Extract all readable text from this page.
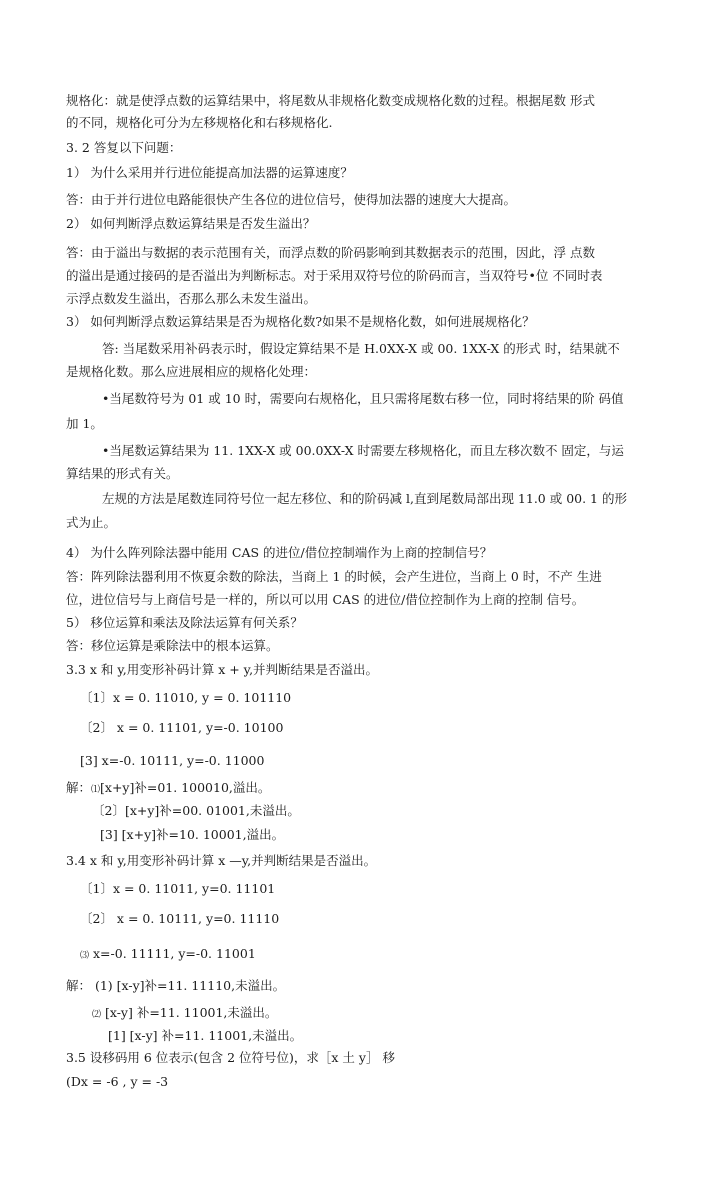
规格化：就是使浮点数的运算结果中，将尾数从非规格化数变成规格化数的过程。根据尾数 形式
的不同，规格化可分为左移规格化和右移规格化.
3. 2 答复以下问题：
1） 为什么采用并行进位能提高加法器的运算速度？
答：由于并行进位电路能很快产生各位的进位信号，使得加法器的速度大大提高。
2） 如何判断浮点数运算结果是否发生溢出？
答：由于溢出与数据的表示范围有关，而浮点数的阶码影响到其数据表示的范围，因此，浮 点数
的溢出是通过接码的是否溢出为判断标志。对于采用双符号位的阶码而言，当双符号•位 不同时表
示浮点数发生溢出，否那么那么未发生溢出。
3） 如何判断浮点数运算结果是否为规格化数?如果不是规格化数，如何进展规格化？
答: 当尾数采用补码表示时，假设定算结果不是 H.0XX-X 或 00. 1XX-X 的形式 时，结果就不
是规格化数。那么应进展相应的规格化处理：
•当尾数符号为 01 或 10 时，需要向右规格化，且只需将尾数右移一位，同时将结果的阶 码值
加 1。
•当尾数运算结果为 11. 1XX-X 或 00.0XX-X 时需要左移规格化，而且左移次数不 固定，与运
算结果的形式有关。
左规的方法是尾数连同符号位一起左移位、和的阶码减 l,直到尾数局部出现 11.0 或 00. 1 的形
式为止。
4） 为什么阵列除法器中能用 CAS 的进位/借位控制端作为上商的控制信号？
答：阵列除法器利用不恢夏余数的除法，当商上 1 的时候，会产生进位，当商上 0 时，不产 生进
位，进位信号与上商信号是一样的，所以可以用 CAS 的进位/借位控制作为上商的控制 信号。
5） 移位运算和乘法及除法运算有何关系？
答：移位运算是乘除法中的根本运算。
3.3 x 和 y,用变形补码计算 x + y,并判断结果是否溢出。
〔1〕x = 0. 11010, y = 0. 101110
〔2〕 x = 0. 11101, y=-0. 10100
[3] x=-0. 10111, y=-0. 11000
解：⑴[x+y]补=01. 100010,溢出。
〔2〕[x+y]补=00. 01001,未溢出。
[3] [x+y]补=10. 10001,溢出。
3.4 x 和 y,用变形补码计算 x —y,并判断结果是否溢出。
〔1〕x = 0. 11011, y=0. 11101
〔2〕 x = 0. 10111, y=0. 11110
⑶ x=-0. 11111, y=-0. 11001
解： (1) [x-y]补=11. 11110,未溢出。
⑵ [x-y] 补=11. 11001,未溢出。
[1] [x-y] 补=11. 11001,未溢出。
3.5 设移码用 6 位表示(包含 2 位符号位)，求［x 土 y］ 移
(Dx = -6 , y = -3
